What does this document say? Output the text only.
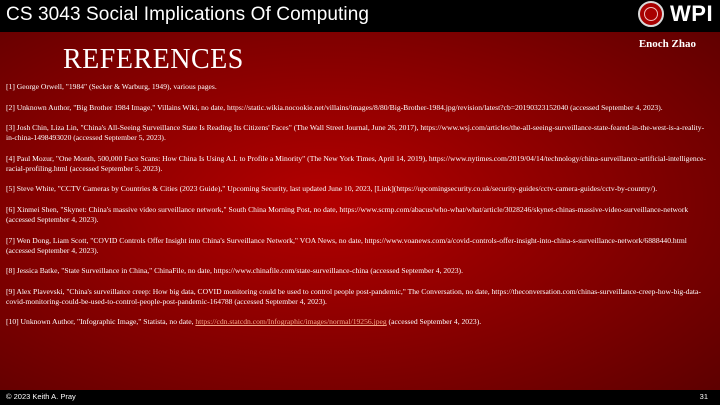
CS 3043 Social Implications Of Computing	WPI
Enoch Zhao
REFERENCES
[1] George Orwell, "1984" (Secker & Warburg, 1949), various pages.
[2] Unknown Author, "Big Brother 1984 Image," Villains Wiki, no date, https://static.wikia.nocookie.net/villains/images/8/80/Big-Brother-1984.jpg/revision/latest?cb=20190323152040 (accessed September 4, 2023).
[3] Josh Chin, Liza Lin, "China's All-Seeing Surveillance State Is Reading Its Citizens' Faces" (The Wall Street Journal, June 26, 2017), https://www.wsj.com/articles/the-all-seeing-surveillance-state-feared-in-the-west-is-a-reality-in-china-1498493020 (accessed September 5, 2023).
[4] Paul Mozur, "One Month, 500,000 Face Scans: How China Is Using A.I. to Profile a Minority" (The New York Times, April 14, 2019), https://www.nytimes.com/2019/04/14/technology/china-surveillance-artificial-intelligence-racial-profiling.html (accessed September 5, 2023).
[5] Steve White, "CCTV Cameras by Countries & Cities (2023 Guide)," Upcoming Security, last updated June 10, 2023, [Link](https://upcomingsecurity.co.uk/security-guides/cctv-camera-guides/cctv-by-country/).
[6] Xinmei Shen, "Skynet: China's massive video surveillance network," South China Morning Post, no date, https://www.scmp.com/abacus/who-what/what/article/3028246/skynet-chinas-massive-video-surveillance-network (accessed September 4, 2023).
[7] Wen Dong, Liam Scott, "COVID Controls Offer Insight into China's Surveillance Network," VOA News, no date, https://www.voanews.com/a/covid-controls-offer-insight-into-china-s-surveillance-network/6888440.html (accessed September 4, 2023).
[8] Jessica Batke, "State Surveillance in China," ChinaFile, no date, https://www.chinafile.com/state-surveillance-china (accessed September 4, 2023).
[9] Alex Plavevski, "China's surveillance creep: How big data, COVID monitoring could be used to control people post-pandemic," The Conversation, no date, https://theconversation.com/chinas-surveillance-creep-how-big-data-covid-monitoring-could-be-used-to-control-people-post-pandemic-164788 (accessed September 4, 2023).
[10] Unknown Author, "Infographic Image," Statista, no date, https://cdn.statcdn.com/Infographic/images/normal/19256.jpeg (accessed September 4, 2023).
© 2023 Keith A. Pray	31
